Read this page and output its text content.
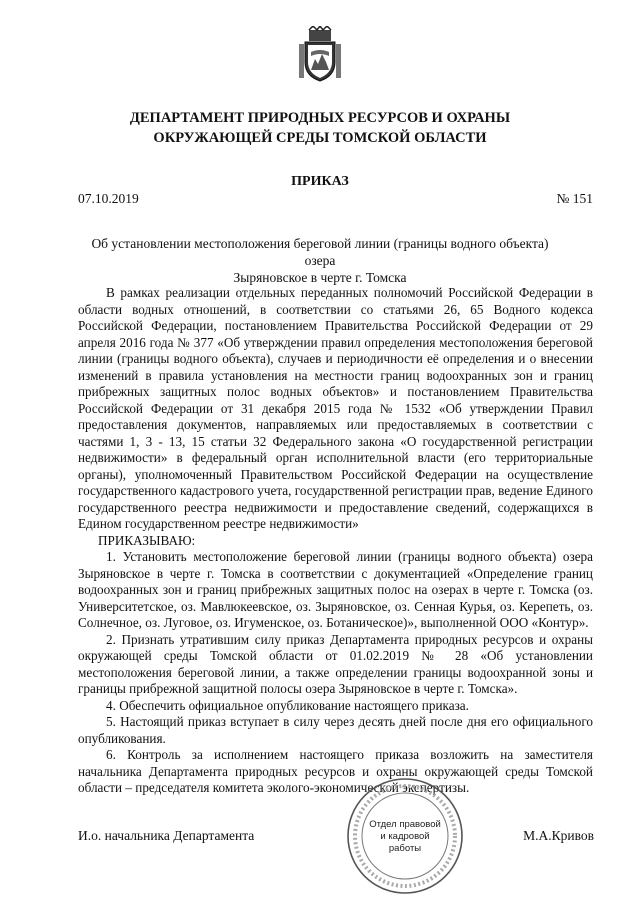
ДЕПАРТАМЕНТ ПРИРОДНЫХ РЕСУРСОВ И ОХРАНЫ
ОКРУЖАЮЩЕЙ СРЕДЫ ТОМСКОЙ ОБЛАСТИ
ПРИКАЗ
07.10.2019	№ 151
Об установлении местоположения береговой линии (границы водного объекта) озера
Зыряновское в черте г. Томска

В рамках реализации отдельных переданных полномочий Российской Федерации в области водных отношений, в соответствии со статьями 26, 65 Водного кодекса Российской Федерации, постановлением Правительства Российской Федерации от 29 апреля 2016 года № 377 «Об утверждении правил определения местоположения береговой линии (границы водного объекта), случаев и периодичности её определения и о внесении изменений в правила установления на местности границ водоохранных зон и границ прибрежных защитных полос водных объектов» и постановлением Правительства Российской Федерации от 31 декабря 2015 года № 1532 «Об утверждении Правил предоставления документов, направляемых или предоставляемых в соответствии с частями 1, 3 - 13, 15 статьи 32 Федерального закона «О государственной регистрации недвижимости» в федеральный орган исполнительной власти (его территориальные органы), уполномоченный Правительством Российской Федерации на осуществление государственного кадастрового учета, государственной регистрации прав, ведение Единого государственного реестра недвижимости и предоставление сведений, содержащихся в Едином государственном реестре недвижимости»

ПРИКАЗЫВАЮ:

1. Установить местоположение береговой линии (границы водного объекта) озера Зыряновское в черте г. Томска в соответствии с документацией «Определение границ водоохранных зон и границ прибрежных защитных полос на озерах в черте г. Томска (оз. Университетское, оз. Мавлюкеевское, оз. Зыряновское, оз. Сенная Курья, оз. Керепеть, оз. Солнечное, оз. Луговое, оз. Игуменское, оз. Ботаническое)», выполненной ООО «Контур».

2. Признать утратившим силу приказ Департамента природных ресурсов и охраны окружающей среды Томской области от 01.02.2019 № 28 «Об установлении местоположения береговой линии, а также определении границы водоохранной зоны и границы прибрежной защитной полосы озера Зыряновское в черте г. Томска».

4. Обеспечить официальное опубликование настоящего приказа.

5. Настоящий приказ вступает в силу через десять дней после дня его официального опубликования.

6. Контроль за исполнением настоящего приказа возложить на заместителя начальника Департамента природных ресурсов и охраны окружающей среды Томской области – председателя комитета эколого-экономической экспертизы.

Отдел правовой
и кадровой
работы
И.о. начальника Департамента	М.А.Кривов
